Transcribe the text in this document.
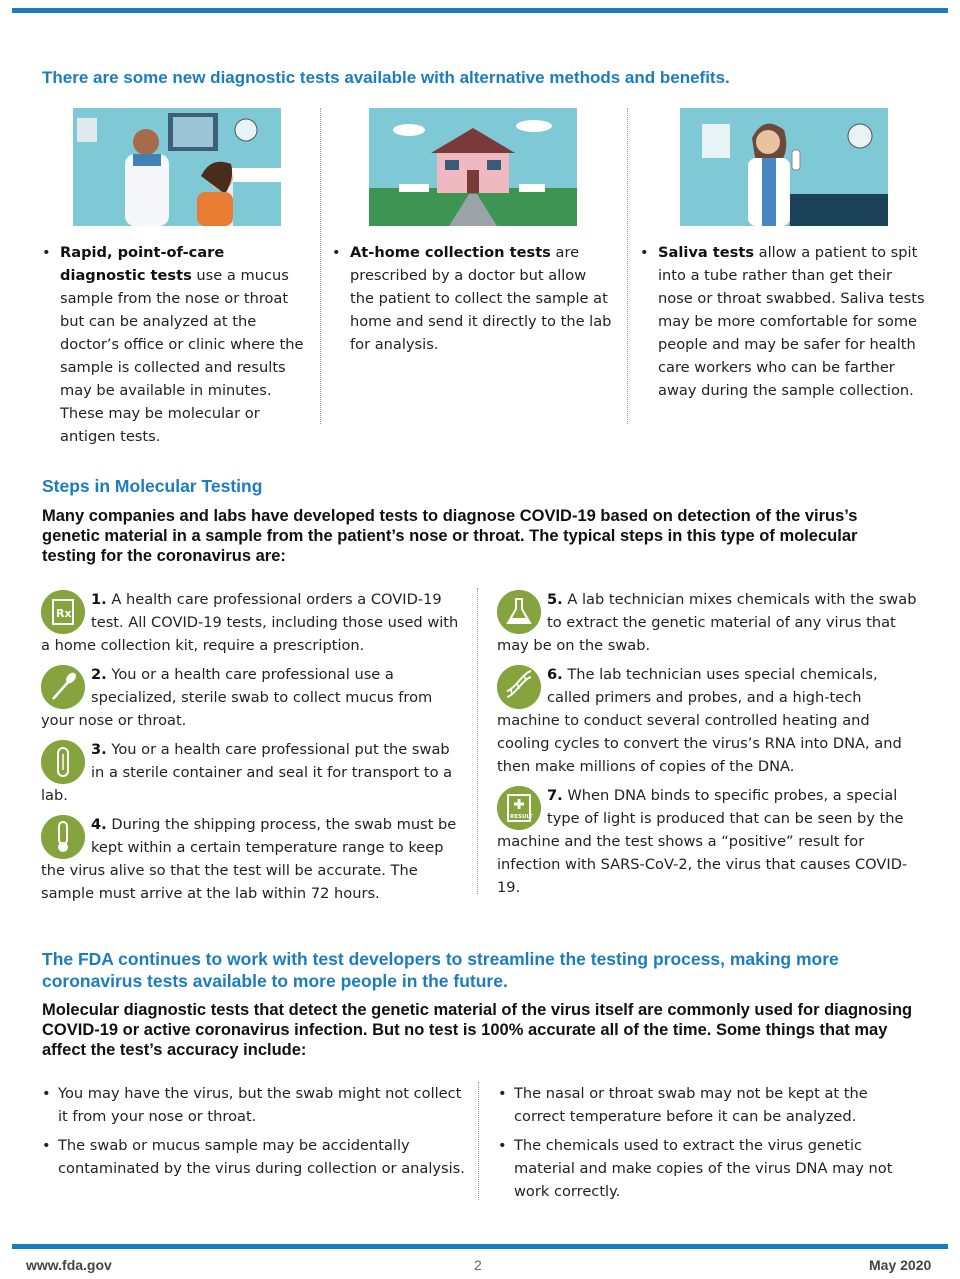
There are some new diagnostic tests available with alternative methods and benefits.
• Rapid, point-of-care diagnostic tests use a mucus sample from the nose or throat but can be analyzed at the doctor’s office or clinic where the sample is collected and results may be available in minutes. These may be molecular or antigen tests.

• At-home collection tests are prescribed by a doctor but allow the patient to collect the sample at home and send it directly to the lab for analysis.

• Saliva tests allow a patient to spit into a tube rather than get their nose or throat swabbed. Saliva tests may be more comfortable for some people and may be safer for health care workers who can be farther away during the sample collection.

Steps in Molecular Testing

Many companies and labs have developed tests to diagnose COVID-19 based on detection of the virus’s genetic material in a sample from the patient’s nose or throat. The typical steps in this type of molecular testing for the coronavirus are:

Rx
1. A health care professional orders a COVID-19 test. All COVID-19 tests, including those used with a home collection kit, require a prescription.
2. You or a health care professional use a specialized, sterile swab to collect mucus from your nose or throat.
3. You or a health care professional put the swab in a sterile container and seal it for transport to a lab.
4. During the shipping process, the swab must be kept within a certain temperature range to keep the virus alive so that the test will be accurate. The sample must arrive at the lab within 72 hours.
5. A lab technician mixes chemicals with the swab to extract the genetic material of any virus that may be on the swab.
6. The lab technician uses special chemicals, called primers and probes, and a high-tech machine to conduct several controlled heating and cooling cycles to convert the virus’s RNA into DNA, and then make millions of copies of the DNA.
RESULT
7. When DNA binds to specific probes, a special type of light is produced that can be seen by the machine and the test shows a “positive” result for infection with SARS-CoV-2, the virus that causes COVID-19.
The FDA continues to work with test developers to streamline the testing process, making more coronavirus tests available to more people in the future.

Molecular diagnostic tests that detect the genetic material of the virus itself are commonly used for diagnosing COVID-19 or active coronavirus infection. But no test is 100% accurate all of the time. Some things that may affect the test’s accuracy include:

• You may have the virus, but the swab might not collect it from your nose or throat.
• The swab or mucus sample may be accidentally contaminated by the virus during collection or analysis.
• The nasal or throat swab may not be kept at the correct temperature before it can be analyzed.
• The chemicals used to extract the virus genetic material and make copies of the virus DNA may not work correctly.
www.fda.gov	2	May 2020
